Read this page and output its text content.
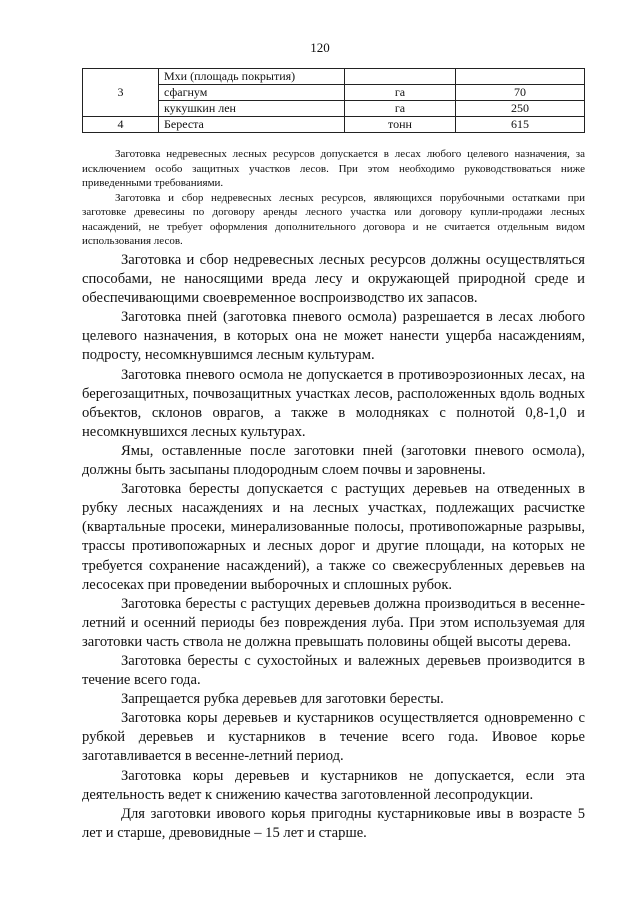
120
3	Мхи (площадь покрытия)		
	сфагнум	га	70
	кукушкин лен	га	250
4	Береста	тонн	615

Заготовка недревесных лесных ресурсов допускается в лесах любого целевого назначения, за исключением особо защитных участков лесов. При этом необходимо руководствоваться ниже приведенными требованиями.

Заготовка и сбор недревесных лесных ресурсов, являющихся порубочными остатками при заготовке древесины по договору аренды лесного участка или договору купли-продажи лесных насаждений, не требует оформления дополнительного договора и не считается отдельным видом использования лесов.

Заготовка и сбор недревесных лесных ресурсов должны осуществляться способами, не наносящими вреда лесу и окружающей природной среде и обеспечивающими своевременное воспроизводство их запасов.

Заготовка пней (заготовка пневого осмола) разрешается в лесах любого целевого назначения, в которых она не может нанести ущерба насаждениям, подросту, несомкнувшимся лесным культурам.

Заготовка пневого осмола не допускается в противоэрозионных лесах, на берегозащитных, почвозащитных участках лесов, расположенных вдоль водных объектов, склонов оврагов, а также в молодняках с полнотой 0,8-1,0 и несомкнувшихся лесных культурах.

Ямы, оставленные после заготовки пней (заготовки пневого осмола), должны быть засыпаны плодородным слоем почвы и заровнены.

Заготовка бересты допускается с растущих деревьев на отведенных в рубку лесных насаждениях и на лесных участках, подлежащих расчистке (квартальные просеки, минерализованные полосы, противопожарные разрывы, трассы противопожарных и лесных дорог и другие площади, на которых не требуется сохранение насаждений), а также со свежесрубленных деревьев на лесосеках при проведении выборочных и сплошных рубок.

Заготовка бересты с растущих деревьев должна производиться в весенне-летний и осенний периоды без повреждения луба. При этом используемая для заготовки часть ствола не должна превышать половины общей высоты дерева.

Заготовка бересты с сухостойных и валежных деревьев производится в течение всего года.

Запрещается рубка деревьев для заготовки бересты.

Заготовка коры деревьев и кустарников осуществляется одновременно с рубкой деревьев и кустарников в течение всего года. Ивовое корье заготавливается в весенне-летний период.

Заготовка коры деревьев и кустарников не допускается, если эта деятельность ведет к снижению качества заготовленной лесопродукции.

Для заготовки ивового корья пригодны кустарниковые ивы в возрасте 5 лет и старше, древовидные – 15 лет и старше.
